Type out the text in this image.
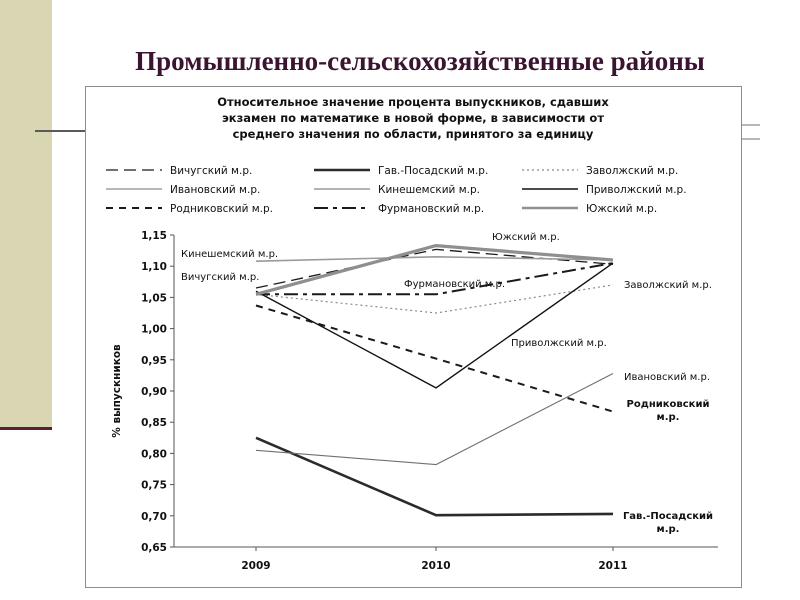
Промышленно-сельскохозяйственные районы
Относительное значение процента выпускников, сдавших
экзамен по математике в новой форме, в зависимости от
среднего значения по области, принятого за единицу
Вичугский м.р.	Гав.-Посадский м.р.	Заволжский м.р.
Ивановский м.р.	Кинешемский м.р.	Приволжский м.р.
Родниковский м.р.	Фурмановский м.р.	Южский м.р.
0,65
0,70
0,75
0,80
0,85
0,90
0,95
1,00
1,05
1,10
1,15
2009	2010	2011
% выпускников
Вичугский м.р.
Гав.-Посадский
м.р.
Заволжский м.р.
Ивановский м.р.
Кинешемский м.р.
Приволжский м.р.
Родниковский
м.р.
Фурмановский м.р.
Южский м.р.
